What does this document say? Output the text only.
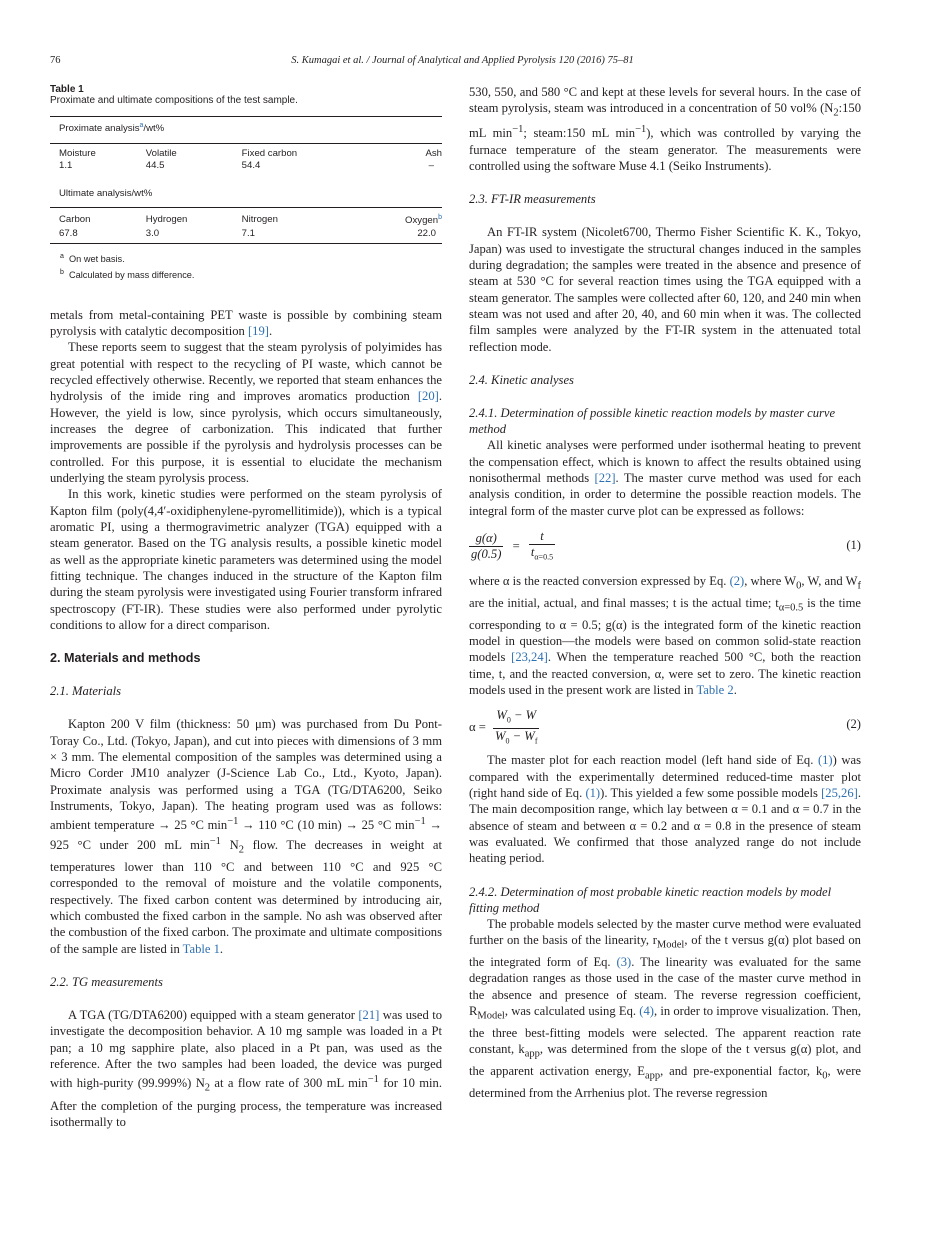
76	S. Kumagai et al. / Journal of Analytical and Applied Pyrolysis 120 (2016) 75–81

Table 1

Proximate and ultimate compositions of the test sample.

Proximate analysis$^a$/wt%			
Moisture	Volatile	Fixed carbon	Ash
1.1	44.5	54.4	–
Ultimate analysis/wt%			
Carbon	Hydrogen	Nitrogen	Oxygen$^b$
67.8	3.0	7.1	22.0

$^a$ On wet basis.

$^b$ Calculated by mass difference.

metals from metal-containing PET waste is possible by combining steam pyrolysis with catalytic decomposition [19].

These reports seem to suggest that the steam pyrolysis of polyimides has great potential with respect to the recycling of PI waste, which cannot be recycled effectively otherwise. Recently, we reported that steam enhances the hydrolysis of the imide ring and improves aromatics production [20]. However, the yield is low, since pyrolysis, which occurs simultaneously, increases the degree of carbonization. This indicated that further improvements are possible if the pyrolysis and hydrolysis processes can be controlled. For this purpose, it is essential to elucidate the mechanism underlying the steam pyrolysis process.

In this work, kinetic studies were performed on the steam pyrolysis of Kapton film (poly(4,4′-oxidiphenylene-pyromellitimide)), which is a typical aromatic PI, using a thermogravimetric analyzer (TGA) equipped with a steam generator. Based on the TG analysis results, a possible kinetic model as well as the appropriate kinetic parameters was determined using the model fitting technique. The changes induced in the structure of the Kapton film during the steam pyrolysis were investigated using Fourier transform infrared spectroscopy (FT-IR). These studies were also performed under pyrolytic conditions to allow for a direct comparison.

2. Materials and methods

2.1. Materials

Kapton 200 V film (thickness: 50 μm) was purchased from Du Pont-Toray Co., Ltd. (Tokyo, Japan), and cut into pieces with dimensions of 3 mm × 3 mm. The elemental composition of the samples was determined using a Micro Corder JM10 analyzer (J-Science Lab Co., Ltd., Kyoto, Japan). Proximate analysis was performed using a TGA (TG/DTA6200, Seiko Instruments, Tokyo, Japan). The heating program used was as follows: ambient temperature → 25 °C $\min^{-1} \to 110$ °C (10 min) → 25 °C $\min^{-1} \to 925$ °C under 200 mL $\min^{-1} N_2$ flow. The decreases in weight at temperatures lower than 110 °C and between 110 °C and 925 °C corresponded to the removal of moisture and the volatile components, respectively. The fixed carbon content was determined by introducing air, which combusted the fixed carbon in the sample. No ash was observed after the combustion of the fixed carbon. The proximate and ultimate compositions of the sample are listed in Table 1.

2.2. TG measurements

A TGA (TG/DTA6200) equipped with a steam generator [21] was used to investigate the decomposition behavior. A 10 mg sample was loaded in a Pt pan; a 10 mg sapphire plate, also placed in a Pt pan, was used as the reference. After the two samples had been loaded, the device was purged with high-purity (99.999%) $N_2$ at a flow rate of 300 mL $\min^{-1}$ for 10 min. After the completion of the purging process, the temperature was increased isothermally to

530, 550, and 580 °C and kept at these levels for several hours. In the case of steam pyrolysis, steam was introduced in a concentration of 50 vol% ($N_2:150$ mL $\min^{-1}$; steam:150 mL $\min^{-1}$), which was controlled by varying the furnace temperature of the steam generator. The measurements were controlled using the software Muse 4.1 (Seiko Instruments).

2.3. FT-IR measurements

An FT-IR system (Nicolet6700, Thermo Fisher Scientific K. K., Tokyo, Japan) was used to investigate the structural changes induced in the samples during degradation; the samples were treated in the absence and presence of steam at 530 °C for several reaction times using the TGA equipped with a steam generator. The samples were collected after 60, 120, and 240 min when steam was not used and after 20, 40, and 60 min when it was. The collected film samples were analyzed by the FT-IR system in the attenuated total reflection mode.

2.4. Kinetic analyses

2.4.1. Determination of possible kinetic reaction models by master curve method

All kinetic analyses were performed under isothermal heating to prevent the compensation effect, which is known to affect the results obtained using nonisothermal methods [22]. The master curve method was used for each analysis condition, in order to determine the possible reaction models. The integral form of the master curve plot can be expressed as follows:

$\frac{g(\alpha)}{g(0.5)} = \frac{t}{t_{\alpha=0.5}}$	(1)

where α is the reacted conversion expressed by Eq. (2), where $W_0$, W, and $W_f$ are the initial, actual, and final masses; t is the actual time; $t_{\alpha=0.5}$ is the time corresponding to α = 0.5; g(α) is the integrated form of the kinetic reaction model in question—the models were based on common solid-state reaction models [23,24]. When the temperature reached 500 °C, both the reaction time, t, and the reacted conversion, α, were set to zero. The kinetic reaction models used in the present work are listed in Table 2.

$\alpha = \frac{W_0 - W}{W_0 - W_f}$	(2)

The master plot for each reaction model (left hand side of Eq. (1)) was compared with the experimentally determined reduced-time master plot (right hand side of Eq. (1)). This yielded a few some possible models [25,26]. The main decomposition range, which lay between α = 0.1 and α = 0.7 in the absence of steam and between α = 0.2 and α = 0.8 in the presence of steam was evaluated. We confirmed that those analyzed range do not include heating period.

2.4.2. Determination of most probable kinetic reaction models by model fitting method

The probable models selected by the master curve method were evaluated further on the basis of the linearity, $r_{Model}$, of the t versus g(α) plot based on the integrated form of Eq. (3). The linearity was evaluated for the same degradation ranges as those used in the case of the master curve method in the absence and presence of steam. The reverse regression coefficient, $R_{Model}$, was calculated using Eq. (4), in order to improve visualization. Then, the three best-fitting models were selected. The apparent reaction rate constant, $k_{app}$, was determined from the slope of the t versus g(α) plot, and the apparent activation energy, $E_{app}$, and pre-exponential factor, $k_0$, were determined from the Arrhenius plot. The reverse regression
